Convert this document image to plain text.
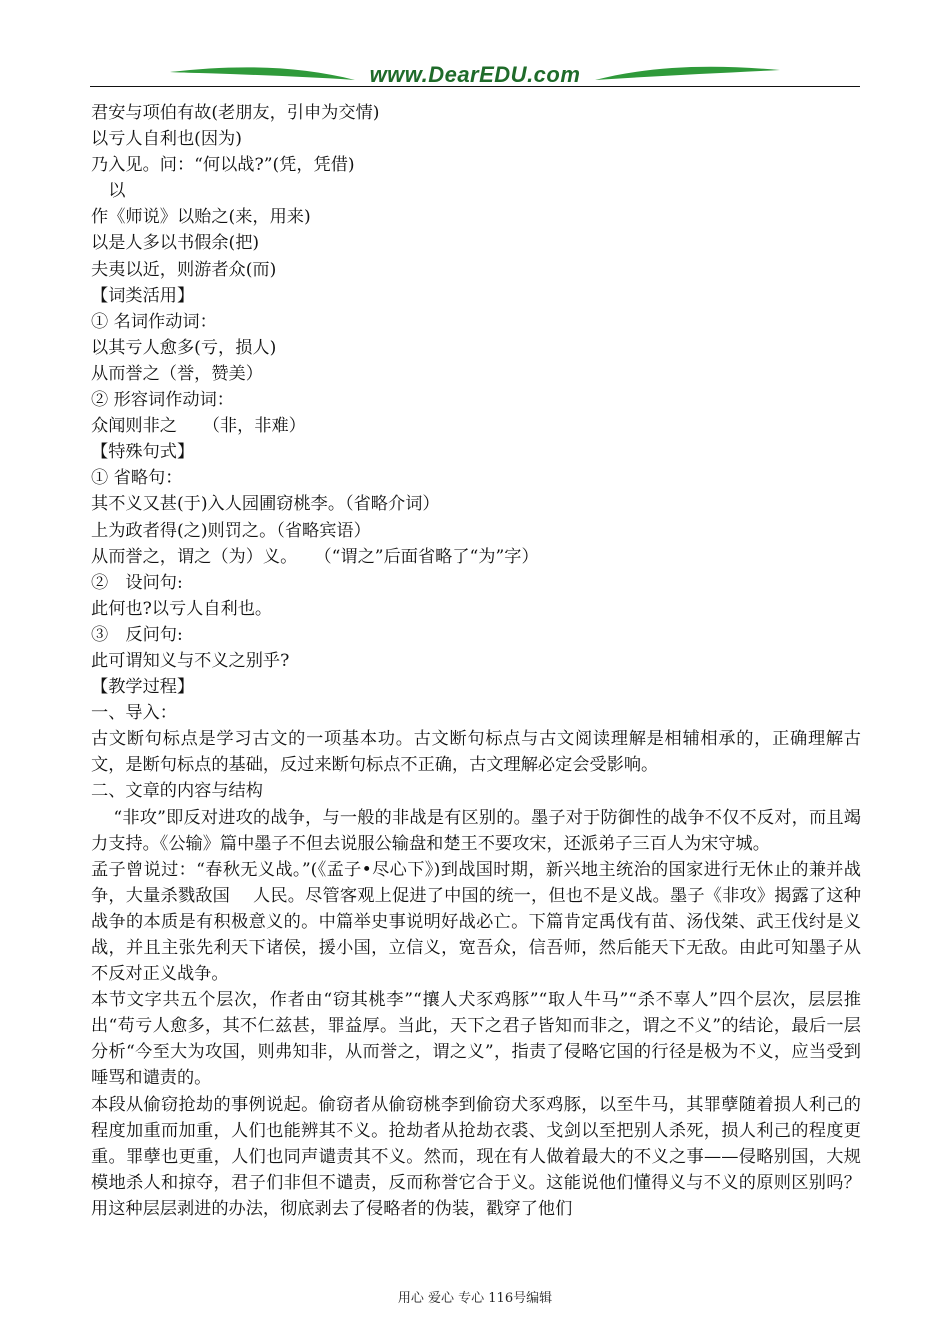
www.DearEDU.com
君安与项伯有故(老朋友，引申为交情)
以亏人自利也(因为)
乃入见。问：“何以战?”(凭，凭借)
　以
作《师说》以贻之(来，用来)
以是人多以书假余(把)
夫夷以近，则游者众(而)
【词类活用】
① 名词作动词：
以其亏人愈多(亏，损人)
从而誉之（誉，赞美）
② 形容词作动词：
众闻则非之　　（非，非难）
【特殊句式】
① 省略句：
其不义又甚(于)入人园圃窃桃李。（省略介词）
上为政者得(之)则罚之。（省略宾语）
从而誉之，谓之（为）义。　　（“谓之”后面省略了“为”字）
②　设问句:
此何也?以亏人自利也。
③　反问句:
此可谓知义与不义之别乎?
【教学过程】
一、导入：
古文断句标点是学习古文的一项基本功。古文断句标点与古文阅读理解是相辅相承的，正确理解古文，是断句标点的基础，反过来断句标点不正确，古文理解必定会受影响。
二、文章的内容与结构
“非攻”即反对进攻的战争，与一般的非战是有区别的。墨子对于防御性的战争不仅不反对，而且竭力支持。《公输》篇中墨子不但去说服公输盘和楚王不要攻宋，还派弟子三百人为宋守城。
孟子曾说过：“春秋无义战。”(《孟子•尽心下》)到战国时期，新兴地主统治的国家进行无休止的兼并战争，大量杀戮敌国　 人民。尽管客观上促进了中国的统一，但也不是义战。墨子《非攻》揭露了这种战争的本质是有积极意义的。中篇举史事说明好战必亡。下篇肯定禹伐有苗、汤伐桀、武王伐纣是义战，并且主张先利天下诸侯，援小国，立信义，宽吾众，信吾师，然后能天下无敌。由此可知墨子从不反对正义战争。
本节文字共五个层次，作者由“窃其桃李”“攘人犬豕鸡豚”“取人牛马”“杀不辜人”四个层次，层层推出“苟亏人愈多，其不仁兹甚，罪益厚。当此，天下之君子皆知而非之，谓之不义”的结论，最后一层分析“今至大为攻国，则弗知非，从而誉之，谓之义”，指责了侵略它国的行径是极为不义，应当受到唾骂和谴责的。
本段从偷窃抢劫的事例说起。偷窃者从偷窃桃李到偷窃犬豕鸡豚，以至牛马，其罪孽随着损人利己的程度加重而加重，人们也能辨其不义。抢劫者从抢劫衣裘、戈剑以至把别人杀死，损人利己的程度更重。罪孽也更重，人们也同声谴责其不义。然而，现在有人做着最大的不义之事——侵略别国，大规模地杀人和掠夺，君子们非但不谴责，反而称誉它合于义。这能说他们懂得义与不义的原则区别吗？用这种层层剥进的办法，彻底剥去了侵略者的伪装，戳穿了他们
用心 爱心 专心 116号编辑
